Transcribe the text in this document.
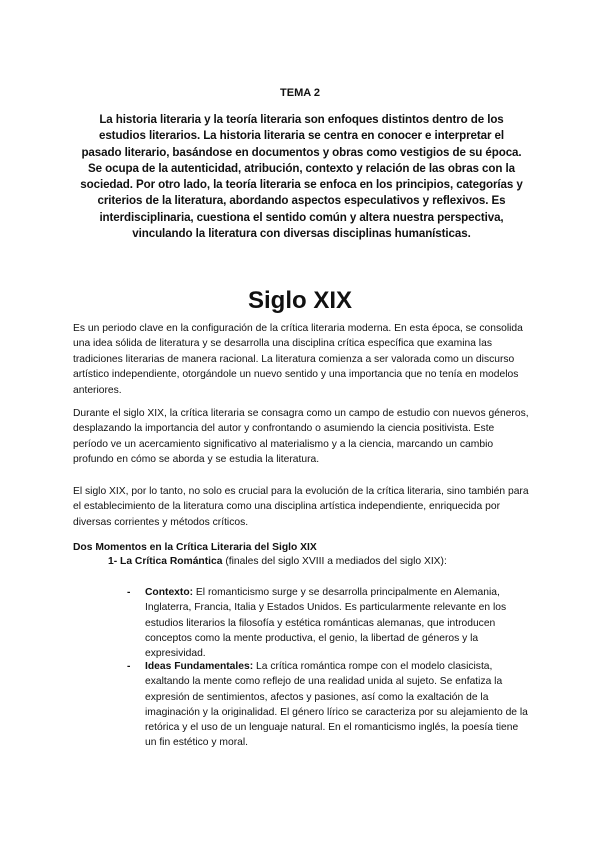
TEMA 2
La historia literaria y la teoría literaria son enfoques distintos dentro de los estudios literarios. La historia literaria se centra en conocer e interpretar el pasado literario, basándose en documentos y obras como vestigios de su época. Se ocupa de la autenticidad, atribución, contexto y relación de las obras con la sociedad. Por otro lado, la teoría literaria se enfoca en los principios, categorías y criterios de la literatura, abordando aspectos especulativos y reflexivos. Es interdisciplinaria, cuestiona el sentido común y altera nuestra perspectiva, vinculando la literatura con diversas disciplinas humanísticas.
Siglo XIX
Es un periodo clave en la configuración de la crítica literaria moderna. En esta época, se consolida una idea sólida de literatura y se desarrolla una disciplina crítica específica que examina las tradiciones literarias de manera racional. La literatura comienza a ser valorada como un discurso artístico independiente, otorgándole un nuevo sentido y una importancia que no tenía en modelos anteriores.
Durante el siglo XIX, la crítica literaria se consagra como un campo de estudio con nuevos géneros, desplazando la importancia del autor y confrontando o asumiendo la ciencia positivista. Este período ve un acercamiento significativo al materialismo y a la ciencia, marcando un cambio profundo en cómo se aborda y se estudia la literatura.
El siglo XIX, por lo tanto, no solo es crucial para la evolución de la crítica literaria, sino también para el establecimiento de la literatura como una disciplina artística independiente, enriquecida por diversas corrientes y métodos críticos.
Dos Momentos en la Crítica Literaria del Siglo XIX
1- La Crítica Romántica (finales del siglo XVIII a mediados del siglo XIX):
- Contexto: El romanticismo surge y se desarrolla principalmente en Alemania, Inglaterra, Francia, Italia y Estados Unidos. Es particularmente relevante en los estudios literarios la filosofía y estética románticas alemanas, que introducen conceptos como la mente productiva, el genio, la libertad de géneros y la expresividad.
- Ideas Fundamentales: La crítica romántica rompe con el modelo clasicista, exaltando la mente como reflejo de una realidad unida al sujeto. Se enfatiza la expresión de sentimientos, afectos y pasiones, así como la exaltación de la imaginación y la originalidad. El género lírico se caracteriza por su alejamiento de la retórica y el uso de un lenguaje natural. En el romanticismo inglés, la poesía tiene un fin estético y moral.
